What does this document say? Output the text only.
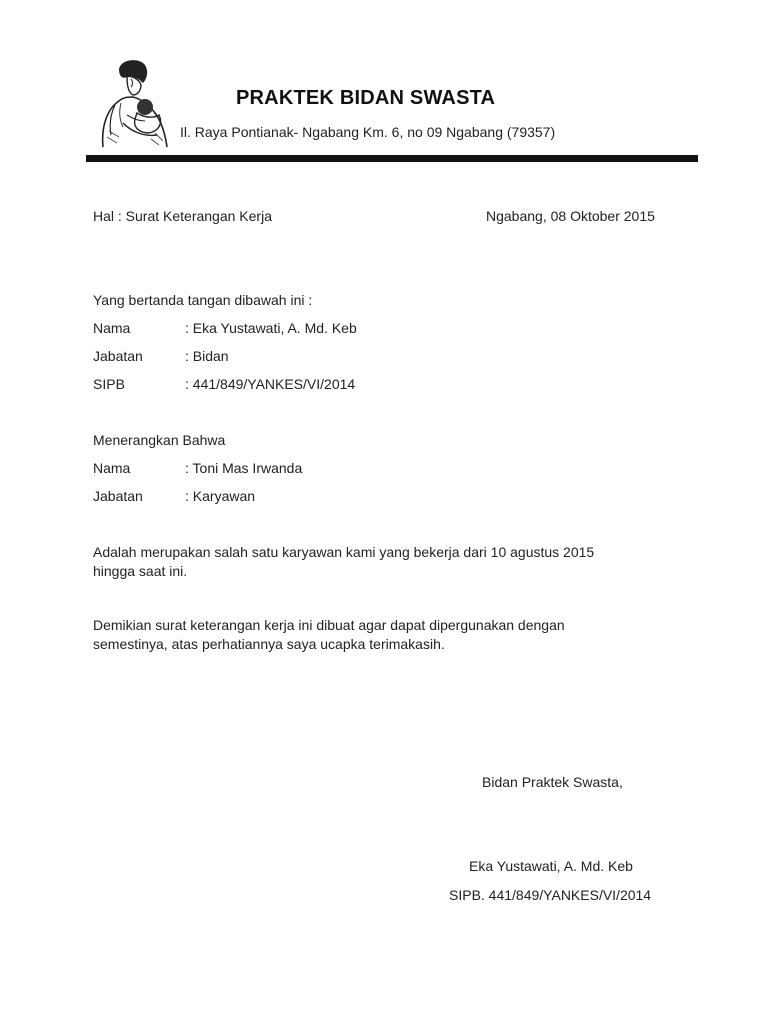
PRAKTEK BIDAN SWASTA
Il. Raya Pontianak- Ngabang Km. 6, no 09 Ngabang (79357)
Hal : Surat Keterangan Kerja	Ngabang, 08 Oktober 2015
Yang bertanda tangan dibawah ini :
Nama	: Eka Yustawati, A. Md. Keb
Jabatan	: Bidan
SIPB	: 441/849/YANKES/VI/2014
Menerangkan Bahwa
Nama	: Toni Mas Irwanda
Jabatan	: Karyawan
Adalah merupakan salah satu karyawan kami yang bekerja dari 10 agustus 2015
hingga saat ini.
Demikian surat keterangan kerja ini dibuat agar dapat dipergunakan dengan
semestinya, atas perhatiannya saya ucapka terimakasih.
Bidan Praktek Swasta,
Eka Yustawati, A. Md. Keb
SIPB. 441/849/YANKES/VI/2014
